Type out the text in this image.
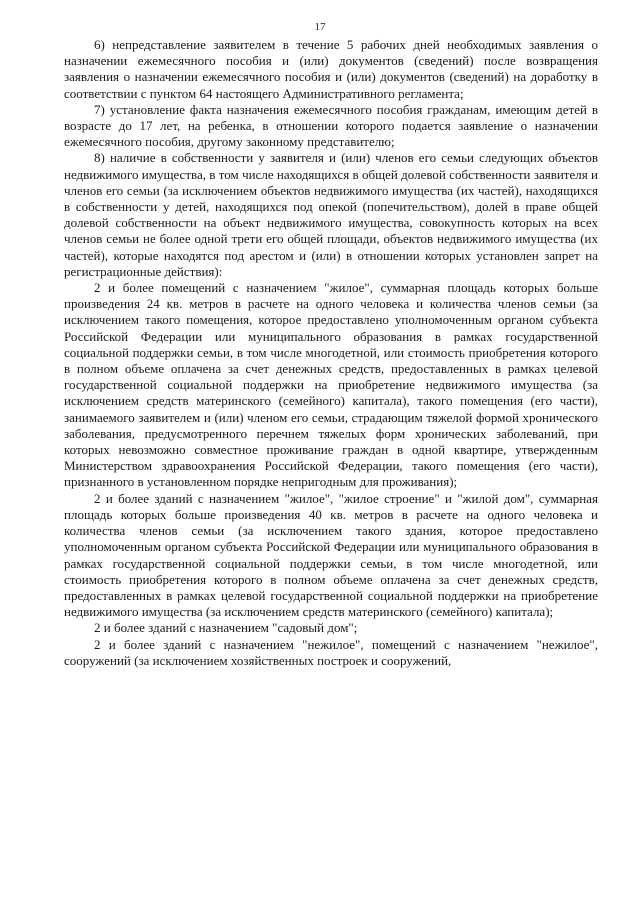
17

6) непредставление заявителем в течение 5 рабочих дней необходимых заявления о назначении ежемесячного пособия и (или) документов (сведений) после возвращения заявления о назначении ежемесячного пособия и (или) документов (сведений) на доработку в соответствии с пунктом 64 настоящего Административного регламента;

7) установление факта назначения ежемесячного пособия гражданам, имеющим детей в возрасте до 17 лет, на ребенка, в отношении которого подается заявление о назначении ежемесячного пособия, другому законному представителю;

8) наличие в собственности у заявителя и (или) членов его семьи следующих объектов недвижимого имущества, в том числе находящихся в общей долевой собственности заявителя и членов его семьи (за исключением объектов недвижимого имущества (их частей), находящихся в собственности у детей, находящихся под опекой (попечительством), долей в праве общей долевой собственности на объект недвижимого имущества, совокупность которых на всех членов семьи не более одной трети его общей площади, объектов недвижимого имущества (их частей), которые находятся под арестом и (или) в отношении которых установлен запрет на регистрационные действия):

2 и более помещений с назначением "жилое", суммарная площадь которых больше произведения 24 кв. метров в расчете на одного человека и количества членов семьи (за исключением такого помещения, которое предоставлено уполномоченным органом субъекта Российской Федерации или муниципального образования в рамках государственной социальной поддержки семьи, в том числе многодетной, или стоимость приобретения которого в полном объеме оплачена за счет денежных средств, предоставленных в рамках целевой государственной социальной поддержки на приобретение недвижимого имущества (за исключением средств материнского (семейного) капитала), такого помещения (его части), занимаемого заявителем и (или) членом его семьи, страдающим тяжелой формой хронического заболевания, предусмотренного перечнем тяжелых форм хронических заболеваний, при которых невозможно совместное проживание граждан в одной квартире, утвержденным Министерством здравоохранения Российской Федерации, такого помещения (его части), признанного в установленном порядке непригодным для проживания);

2 и более зданий с назначением "жилое", "жилое строение" и "жилой дом", суммарная площадь которых больше произведения 40 кв. метров в расчете на одного человека и количества членов семьи (за исключением такого здания, которое предоставлено уполномоченным органом субъекта Российской Федерации или муниципального образования в рамках государственной социальной поддержки семьи, в том числе многодетной, или стоимость приобретения которого в полном объеме оплачена за счет денежных средств, предоставленных в рамках целевой государственной социальной поддержки на приобретение недвижимого имущества (за исключением средств материнского (семейного) капитала);

2 и более зданий с назначением "садовый дом";

2 и более зданий с назначением "нежилое", помещений с назначением "нежилое", сооружений (за исключением хозяйственных построек и сооружений,
